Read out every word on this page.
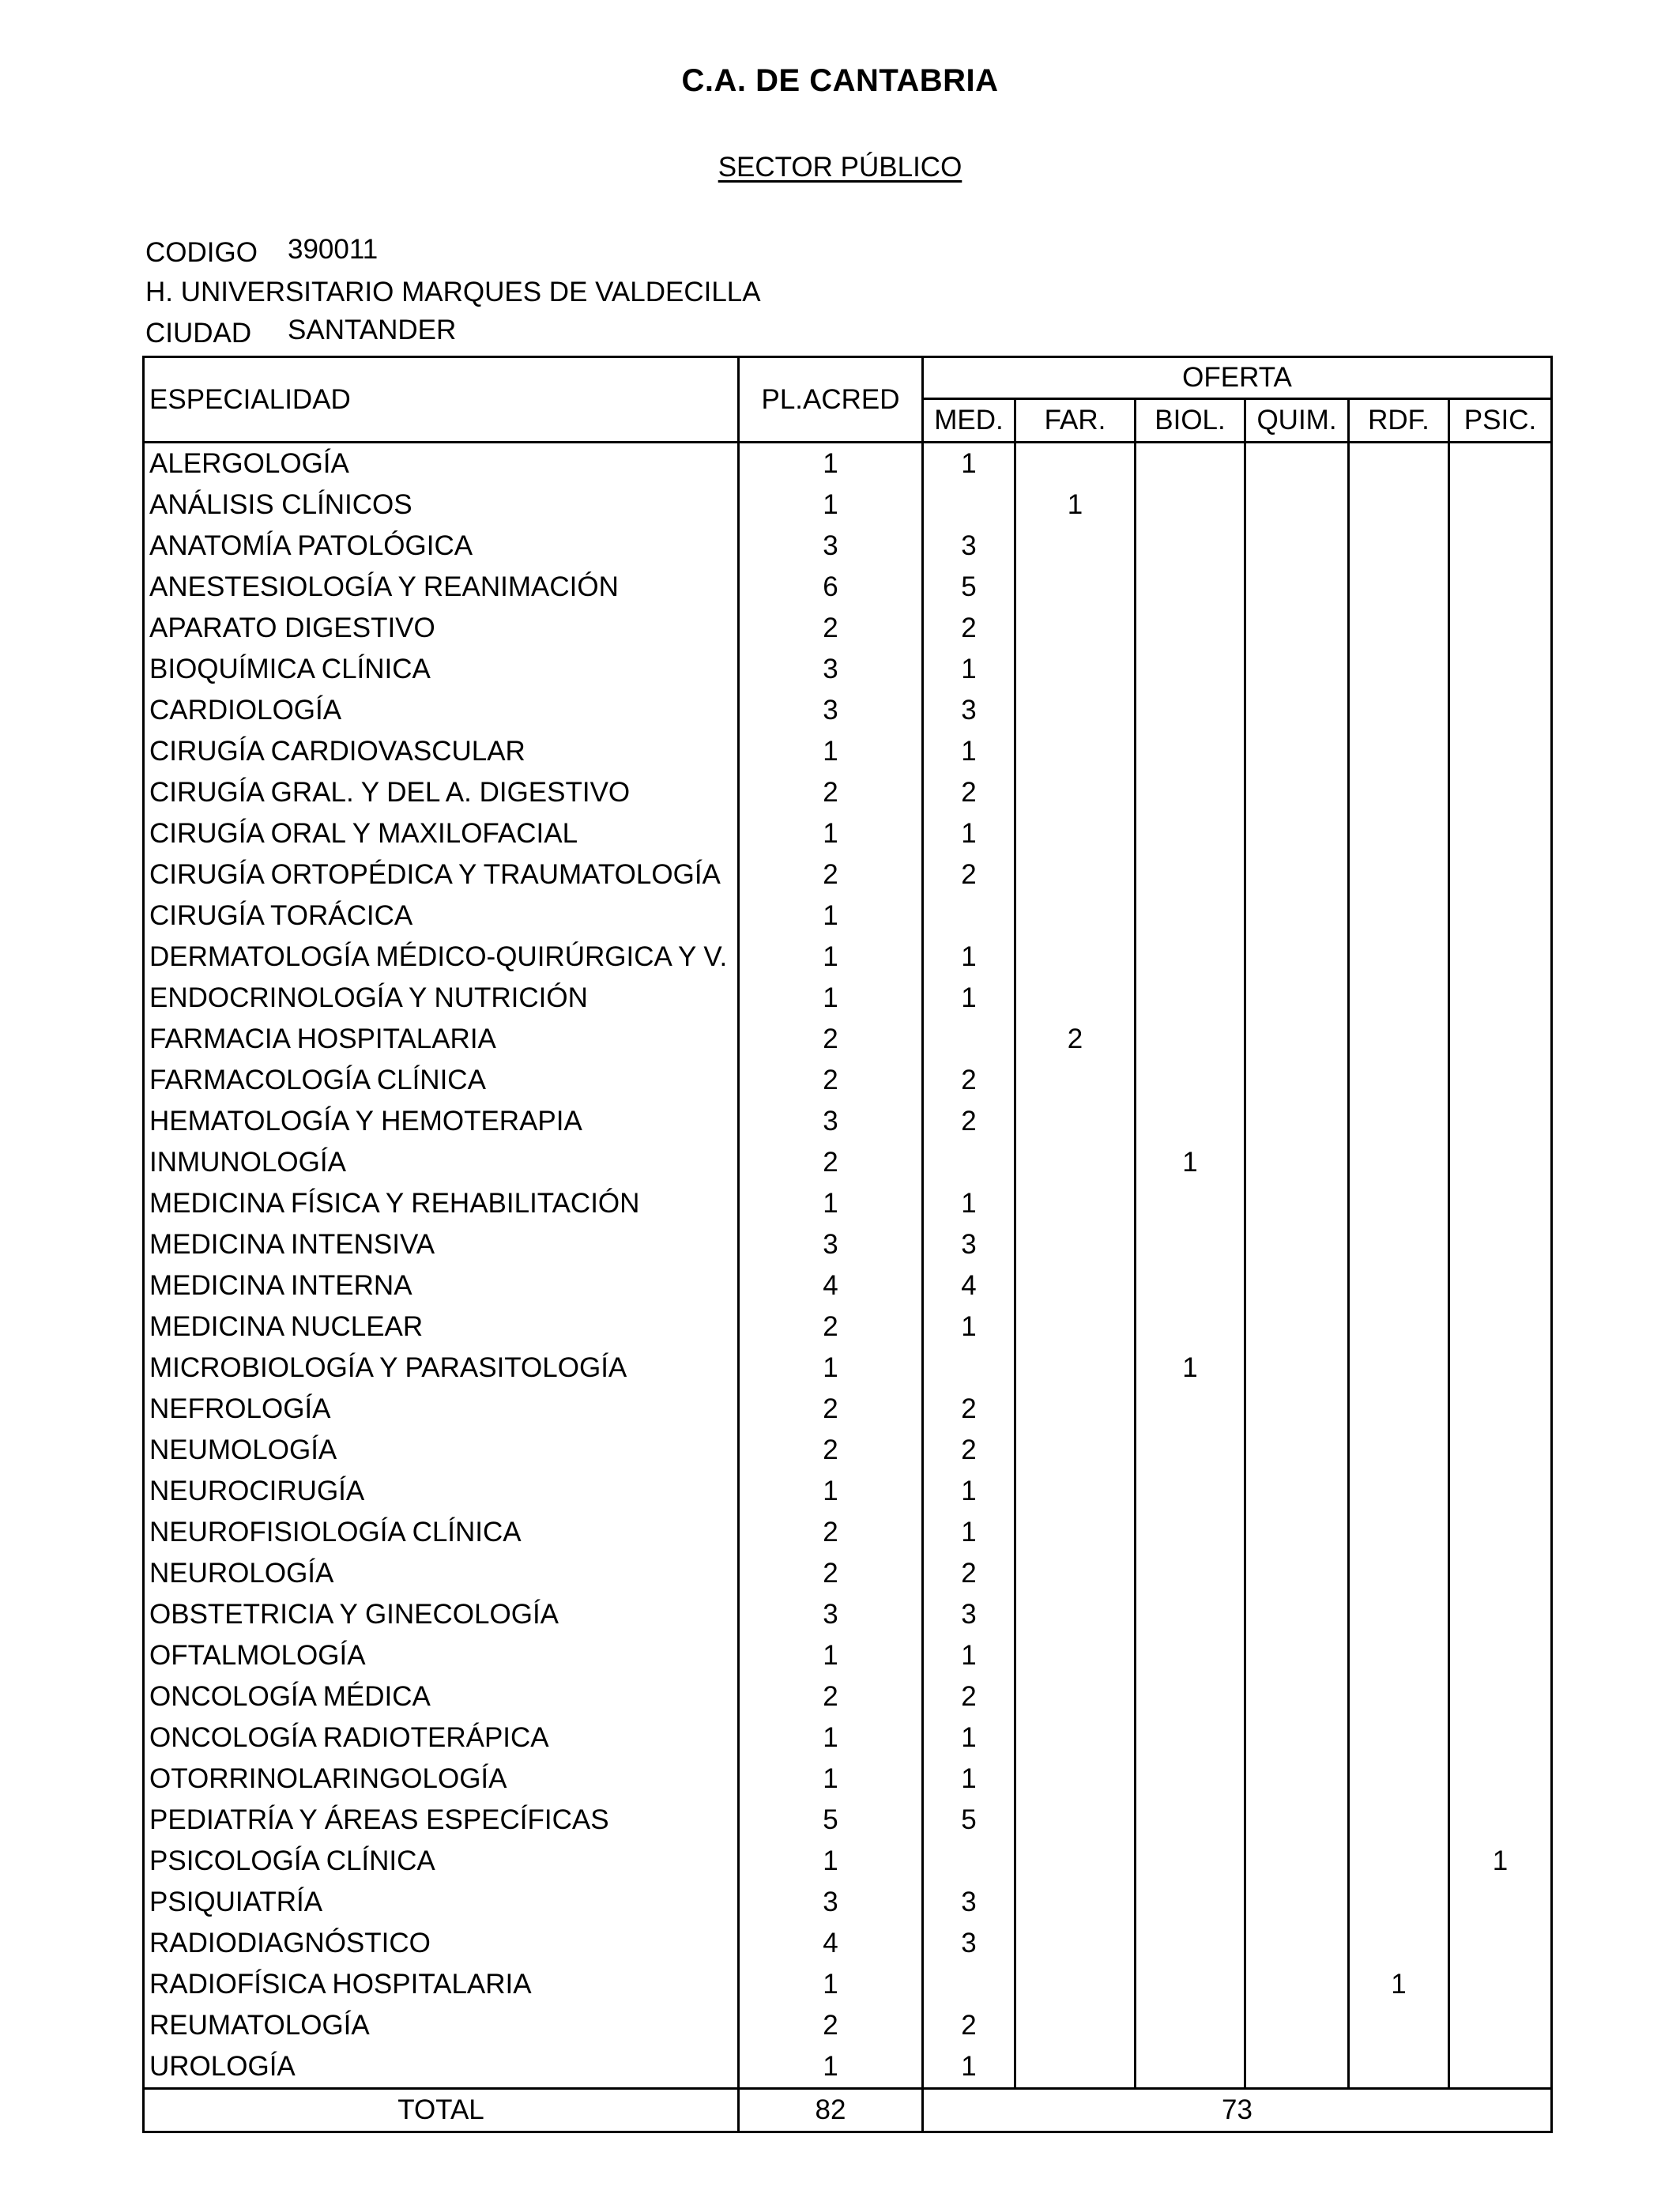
C.A. DE CANTABRIA
SECTOR PÚBLICO
CODIGO 390011
H. UNIVERSITARIO MARQUES DE VALDECILLA
CIUDAD SANTANDER
ESPECIALIDAD	PL.ACRED	OFERTA					
		MED.	FAR.	BIOL.	QUIM.	RDF.	PSIC.
ALERGOLOGÍA	1	1					
ANÁLISIS CLÍNICOS	1		1				
ANATOMÍA PATOLÓGICA	3	3					
ANESTESIOLOGÍA Y REANIMACIÓN	6	5					
APARATO DIGESTIVO	2	2					
BIOQUÍMICA CLÍNICA	3	1					
CARDIOLOGÍA	3	3					
CIRUGÍA CARDIOVASCULAR	1	1					
CIRUGÍA GRAL. Y DEL A. DIGESTIVO	2	2					
CIRUGÍA ORAL Y MAXILOFACIAL	1	1					
CIRUGÍA ORTOPÉDICA Y TRAUMATOLOGÍA	2	2					
CIRUGÍA TORÁCICA	1						
DERMATOLOGÍA MÉDICO-QUIRÚRGICA Y V.	1	1					
ENDOCRINOLOGÍA Y NUTRICIÓN	1	1					
FARMACIA HOSPITALARIA	2		2				
FARMACOLOGÍA CLÍNICA	2	2					
HEMATOLOGÍA Y HEMOTERAPIA	3	2					
INMUNOLOGÍA	2			1			
MEDICINA FÍSICA Y REHABILITACIÓN	1	1					
MEDICINA INTENSIVA	3	3					
MEDICINA INTERNA	4	4					
MEDICINA NUCLEAR	2	1					
MICROBIOLOGÍA Y PARASITOLOGÍA	1			1			
NEFROLOGÍA	2	2					
NEUMOLOGÍA	2	2					
NEUROCIRUGÍA	1	1					
NEUROFISIOLOGÍA CLÍNICA	2	1					
NEUROLOGÍA	2	2					
OBSTETRICIA Y GINECOLOGÍA	3	3					
OFTALMOLOGÍA	1	1					
ONCOLOGÍA MÉDICA	2	2					
ONCOLOGÍA RADIOTERÁPICA	1	1					
OTORRINOLARINGOLOGÍA	1	1					
PEDIATRÍA Y ÁREAS ESPECÍFICAS	5	5					
PSICOLOGÍA CLÍNICA	1						1
PSIQUIATRÍA	3	3					
RADIODIAGNÓSTICO	4	3					
RADIOFÍSICA HOSPITALARIA	1					1	
REUMATOLOGÍA	2	2					
UROLOGÍA	1	1					
TOTAL	82	73					
